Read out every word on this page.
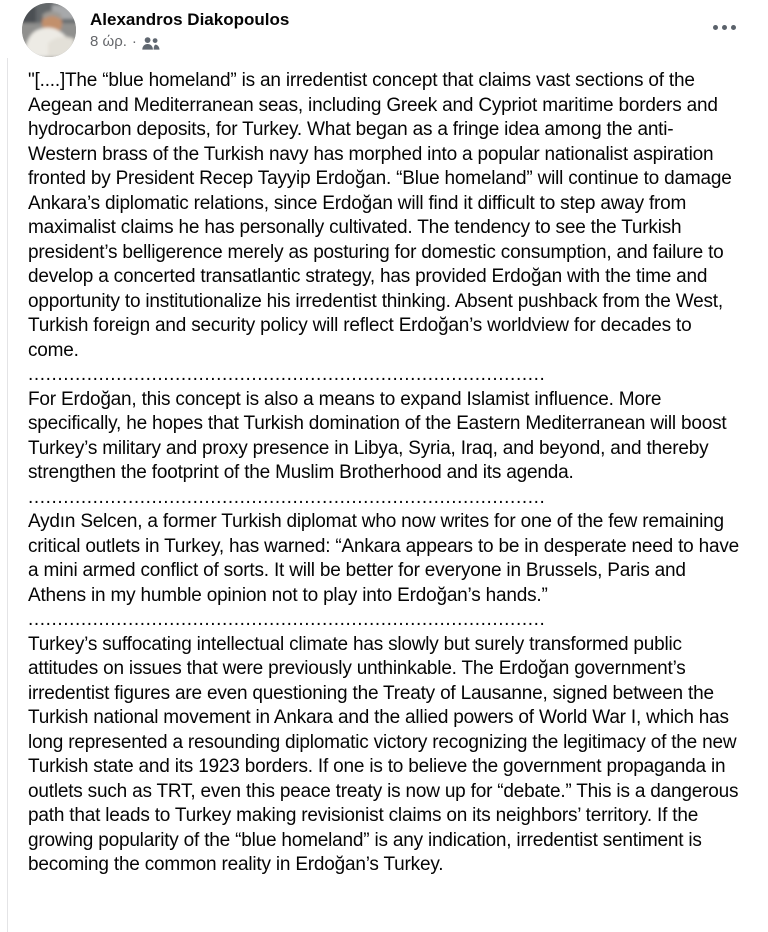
Alexandros Diakopoulos
8 ώρ. ·

"[....]The “blue homeland” is an irredentist concept that claims vast sections of the Aegean and Mediterranean seas, including Greek and Cypriot maritime borders and hydrocarbon deposits, for Turkey. What began as a fringe idea among the anti-Western brass of the Turkish navy has morphed into a popular nationalist aspiration fronted by President Recep Tayyip Erdoğan. “Blue homeland” will continue to damage Ankara’s diplomatic relations, since Erdoğan will find it difficult to step away from maximalist claims he has personally cultivated. The tendency to see the Turkish president’s belligerence merely as posturing for domestic consumption, and failure to develop a concerted transatlantic strategy, has provided Erdoğan with the time and opportunity to institutionalize his irredentist thinking. Absent pushback from the West, Turkish foreign and security policy will reflect Erdoğan’s worldview for decades to come.

........................................................................................

For Erdoğan, this concept is also a means to expand Islamist influence. More specifically, he hopes that Turkish domination of the Eastern Mediterranean will boost Turkey’s military and proxy presence in Libya, Syria, Iraq, and beyond, and thereby strengthen the footprint of the Muslim Brotherhood and its agenda.

........................................................................................

Aydın Selcen, a former Turkish diplomat who now writes for one of the few remaining critical outlets in Turkey, has warned: “Ankara appears to be in desperate need to have a mini armed conflict of sorts. It will be better for everyone in Brussels, Paris and Athens in my humble opinion not to play into Erdoğan’s hands.”

........................................................................................

Turkey’s suffocating intellectual climate has slowly but surely transformed public attitudes on issues that were previously unthinkable. The Erdoğan government’s irredentist figures are even questioning the Treaty of Lausanne, signed between the Turkish national movement in Ankara and the allied powers of World War I, which has long represented a resounding diplomatic victory recognizing the legitimacy of the new Turkish state and its 1923 borders. If one is to believe the government propaganda in outlets such as TRT, even this peace treaty is now up for “debate.” This is a dangerous path that leads to Turkey making revisionist claims on its neighbors’ territory. If the growing popularity of the “blue homeland” is any indication, irredentist sentiment is becoming the common reality in Erdoğan’s Turkey.
